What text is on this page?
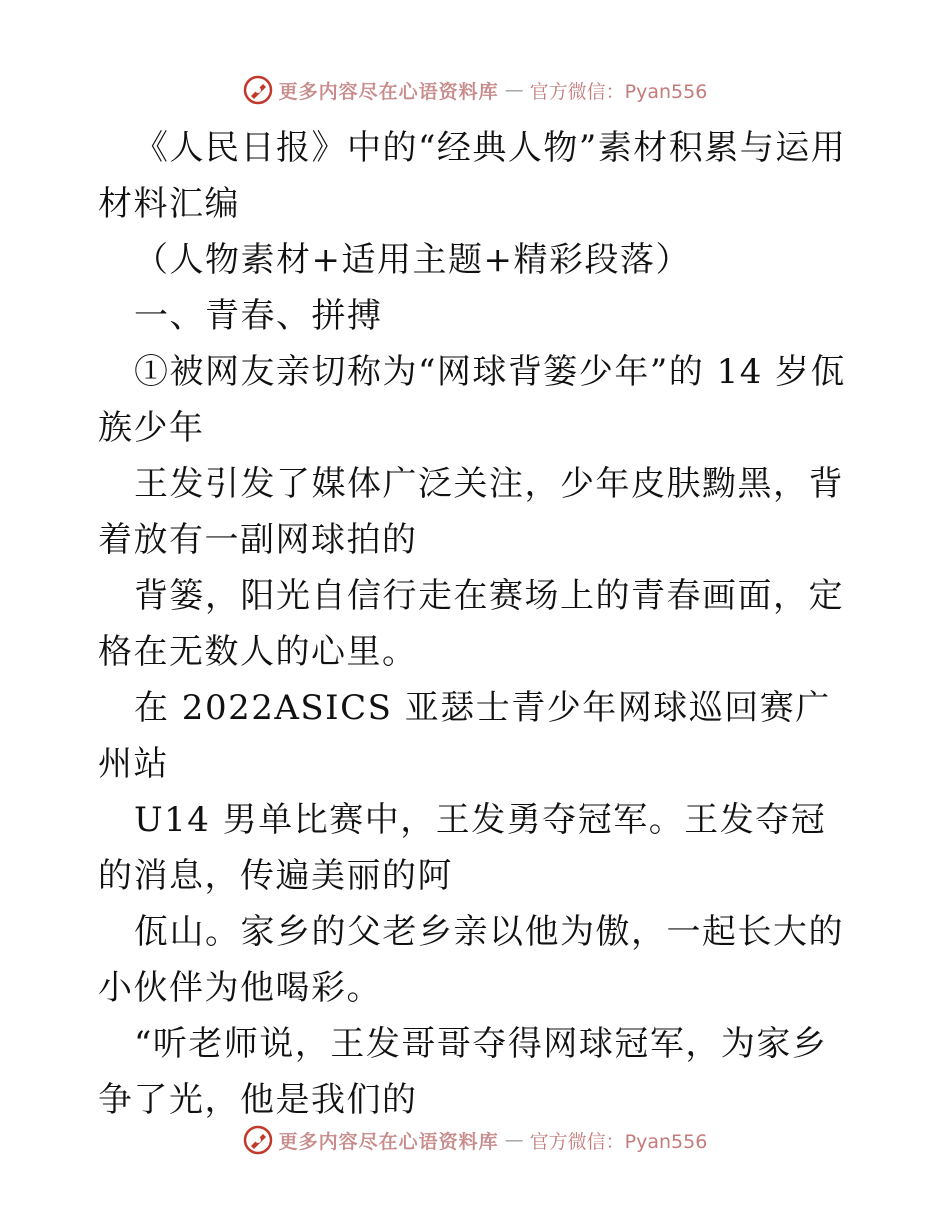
更多内容尽在心语资料库 — 官方微信：Pyan556

《人民日报》中的“经典人物”素材积累与运用材料汇编

（人物素材+适用主题+精彩段落）

一、青春、拼搏

①被网友亲切称为“网球背篓少年”的 14 岁佤族少年

王发引发了媒体广泛关注，少年皮肤黝黑，背着放有一副网球拍的

背篓，阳光自信行走在赛场上的青春画面，定格在无数人的心里。

在 2022ASICS 亚瑟士青少年网球巡回赛广州站

U14 男单比赛中，王发勇夺冠军。王发夺冠的消息，传遍美丽的阿

佤山。家乡的父老乡亲以他为傲，一起长大的小伙伴为他喝彩。

“听老师说，王发哥哥夺得网球冠军，为家乡争了光，他是我们的

更多内容尽在心语资料库 — 官方微信：Pyan556
